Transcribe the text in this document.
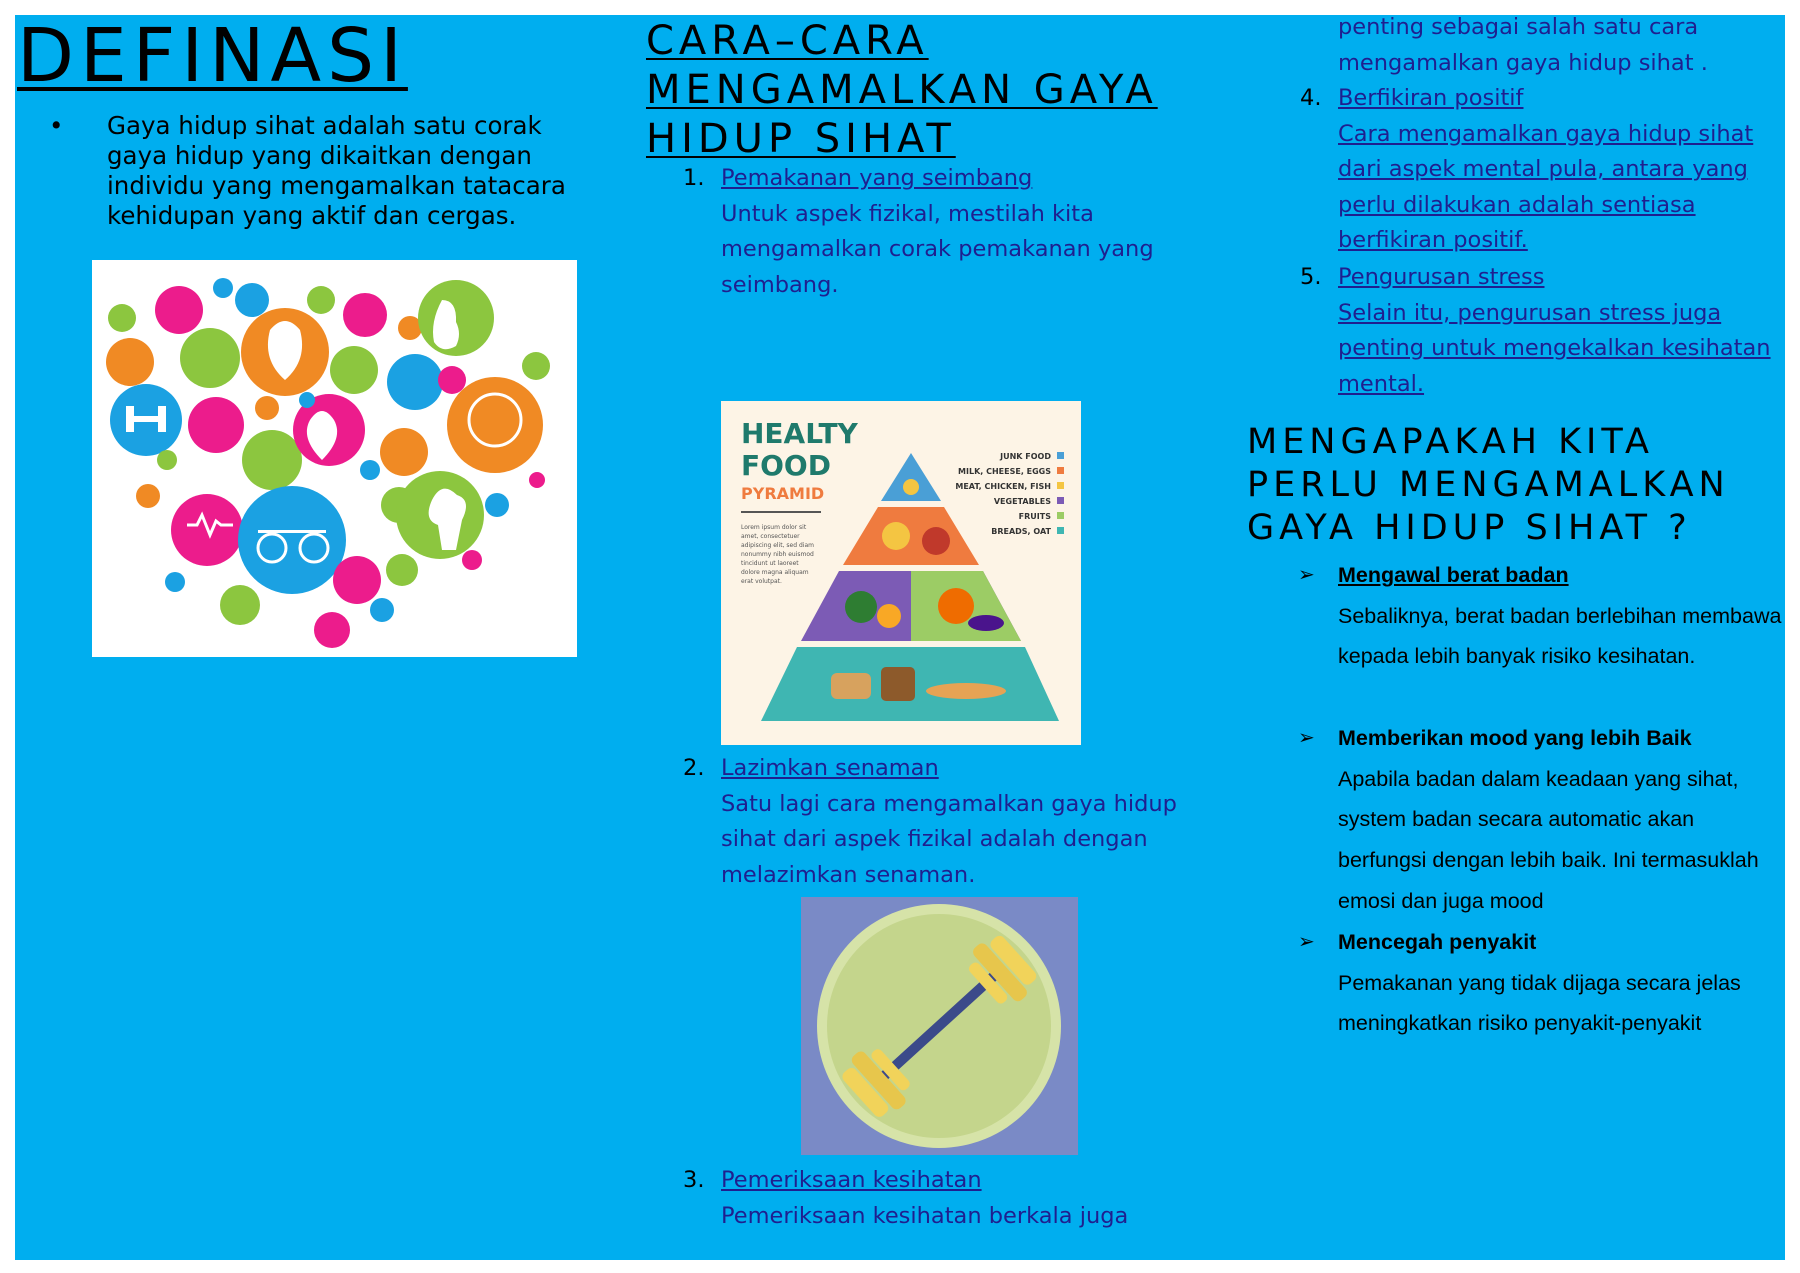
DEFINASI
• Gaya hidup sihat adalah satu corak gaya hidup yang dikaitkan dengan individu yang mengamalkan tatacara kehidupan yang aktif dan cergas.
CARA–CARA MENGAMALKAN GAYA HIDUP SIHAT
1. Pemakanan yang seimbang
Untuk aspek fizikal, mestilah kita mengamalkan corak pemakanan yang seimbang.
HEALTY
FOOD
PYRAMID
Lorem ipsum dolor sit
amet, consectetuer
adipiscing elit, sed diam
nonummy nibh euismod
tincidunt ut laoreet
dolore magna aliquam
erat volutpat.
JUNK FOOD
MILK, CHEESE, EGGS
MEAT, CHICKEN, FISH
VEGETABLES
FRUITS
BREADS, OAT
2. Lazimkan senaman
Satu lagi cara mengamalkan gaya hidup sihat dari aspek fizikal adalah dengan melazimkan senaman.
3. Pemeriksaan kesihatan
Pemeriksaan kesihatan berkala juga
penting sebagai salah satu cara mengamalkan gaya hidup sihat .
4. Berfikiran positif
Cara mengamalkan gaya hidup sihat dari aspek mental pula, antara yang perlu dilakukan adalah sentiasa berfikiran positif.
5. Pengurusan stress
Selain itu, pengurusan stress juga penting untuk mengekalkan kesihatan mental.
MENGAPAKAH KITA PERLU MENGAMALKAN GAYA HIDUP SIHAT ?
➢ Mengawal berat badan
Sebaliknya, berat badan berlebihan membawa kepada lebih banyak risiko kesihatan.
➢ Memberikan mood yang lebih Baik
Apabila badan dalam keadaan yang sihat, system badan secara automatic akan berfungsi dengan lebih baik. Ini termasuklah emosi dan juga mood
➢ Mencegah penyakit
Pemakanan yang tidak dijaga secara jelas meningkatkan risiko penyakit-penyakit
